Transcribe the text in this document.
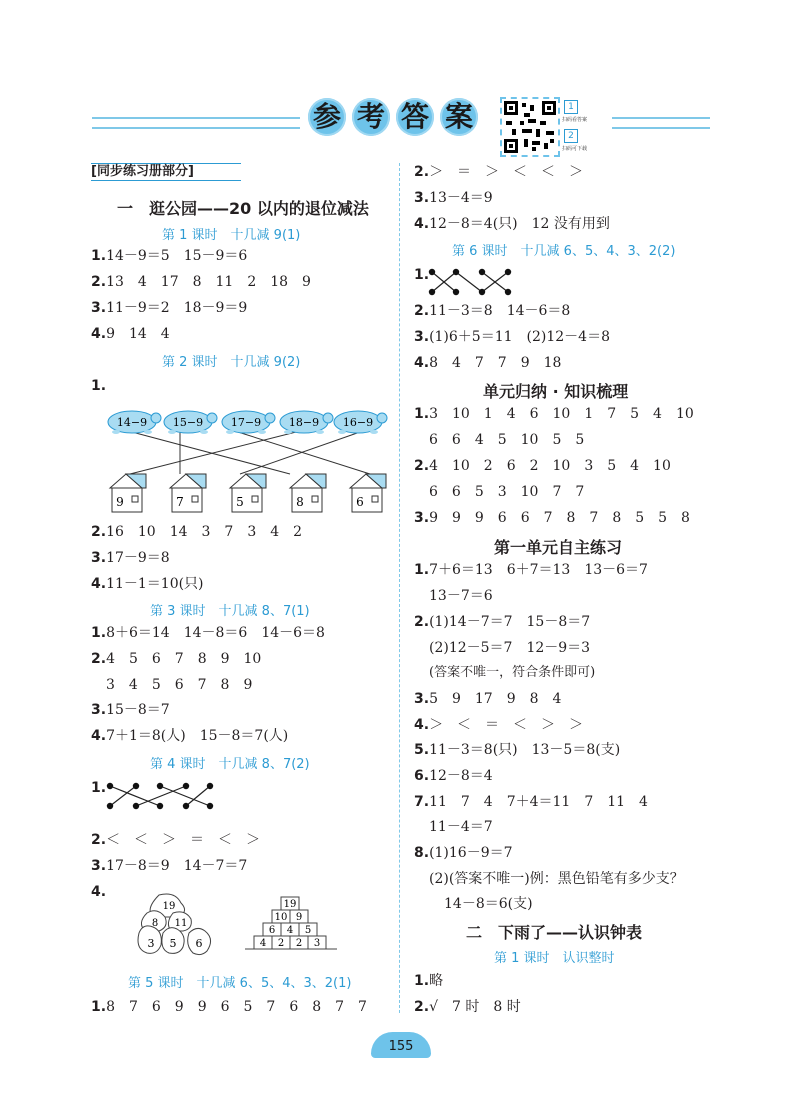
参 考 答 案	1
扫码看答案
2
扫码可下载
[同步练习册部分]
一　逛公园——20 以内的退位减法
第 1 课时　十几减 9(1)
1.14－9＝5　15－9＝6
2.13　4　17　8　11　2　18　9
3.11－9＝2　18－9＝9
4.9　14　4
第 2 课时　十几减 9(2)
1.
14−9 15−9	17−9	18−9 16−9
9	7	5	8	6
2.16　10　14　3　7　3　4　2
3.17－9＝8
4.11－1＝10(只)
第 3 课时　十几减 8、7(1)
1.8＋6＝14　14－8＝6　14－6＝8
2.4　5　6　7　8　9　10
3　4　5　6　7　8　9
3.15－8＝7
4.7＋1＝8(人)　15－8＝7(人)
第 4 课时　十几减 8、7(2)
1.
2.＜　＜　＞　＝　＜　＞
3.17－8＝9　14－7＝7
4.
19
8 11
3 5 6
19
10 9
6 4 5
4 2 2 3
第 5 课时　十几减 6、5、4、3、2(1)
1.8　7　6　9　9　6　5　7　6　8　7　7
2.＞　＝　＞　＜　＜　＞
3.13－4＝9
4.12－8＝4(只)　12 没有用到
第 6 课时　十几减 6、5、4、3、2(2)
1.
2.11－3＝8　14－6＝8
3.(1)6＋5＝11　(2)12－4＝8
4.8　4　7　7　9　18
单元归纳 · 知识梳理
1.3　10　1　4　6　10　1　7　5　4　10
6　6　4　5　10　5　5
2.4　10　2　6　2　10　3　5　4　10
6　6　5　3　10　7　7
3.9　9　9　6　6　7　8　7　8　5　5　8
第一单元自主练习
1.7＋6＝13　6＋7＝13　13－6＝7
13－7＝6
2.(1)14－7＝7　15－8＝7
(2)12－5＝7　12－9＝3
(答案不唯一，符合条件即可)
3.5　9　17　9　8　4
4.＞　＜　＝　＜　＞　＞
5.11－3＝8(只)　13－5＝8(支)
6.12－8＝4
7.11　7　4　7＋4＝11　7　11　4
11－4＝7
8.(1)16－9＝7
(2)(答案不唯一)例：黑色铅笔有多少支？
14－8＝6(支)
二　下雨了——认识钟表
第 1 课时　认识整时
1.略
2.√　7 时　8 时
155
